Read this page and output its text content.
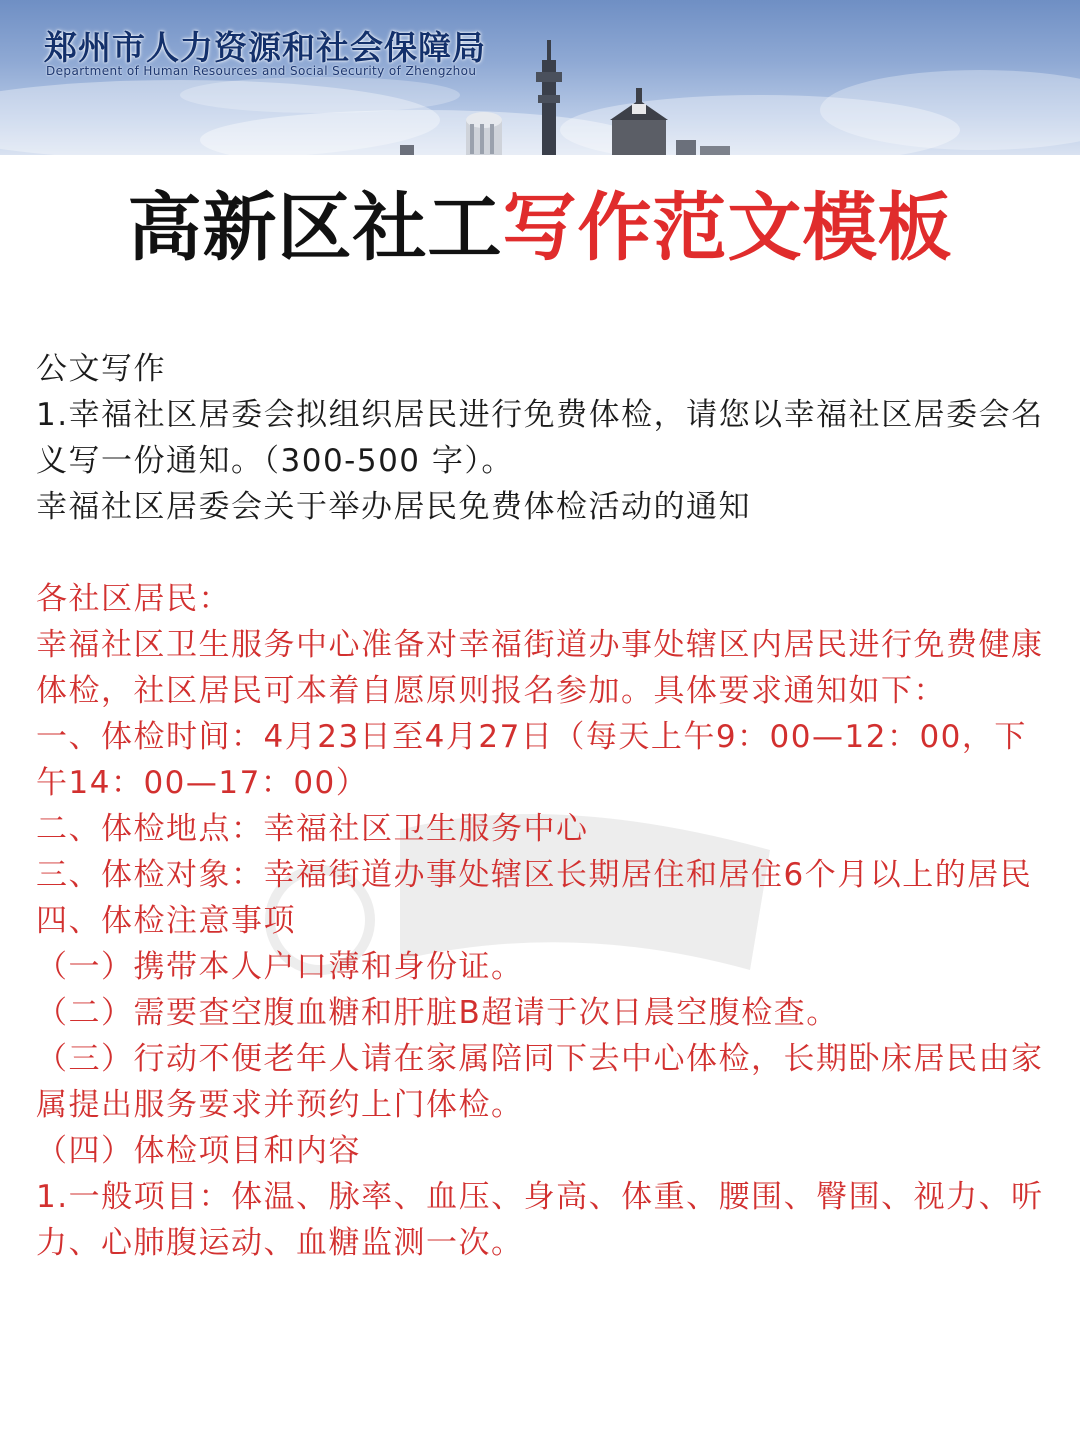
郑州市人力资源和社会保障局
Department of Human Resources and Social Security of Zhengzhou
高新区社工写作范文模板

公文写作

1.幸福社区居委会拟组织居民进行免费体检，请您以幸福社区居委会名义写一份通知。（300-500 字）。

幸福社区居委会关于举办居民免费体检活动的通知

各社区居民：

幸福社区卫生服务中心准备对幸福街道办事处辖区内居民进行免费健康体检，社区居民可本着自愿原则报名参加。具体要求通知如下：

一、体检时间：4月23日至4月27日（每天上午9：00—12：00，下午14：00—17：00）

二、体检地点：幸福社区卫生服务中心

三、体检对象：幸福街道办事处辖区长期居住和居住6个月以上的居民

四、体检注意事项

（一）携带本人户口薄和身份证。

（二）需要查空腹血糖和肝脏B超请于次日晨空腹检查。

（三）行动不便老年人请在家属陪同下去中心体检，长期卧床居民由家属提出服务要求并预约上门体检。

（四）体检项目和内容

1.一般项目：体温、脉率、血压、身高、体重、腰围、臀围、视力、听力、心肺腹运动、血糖监测一次。
